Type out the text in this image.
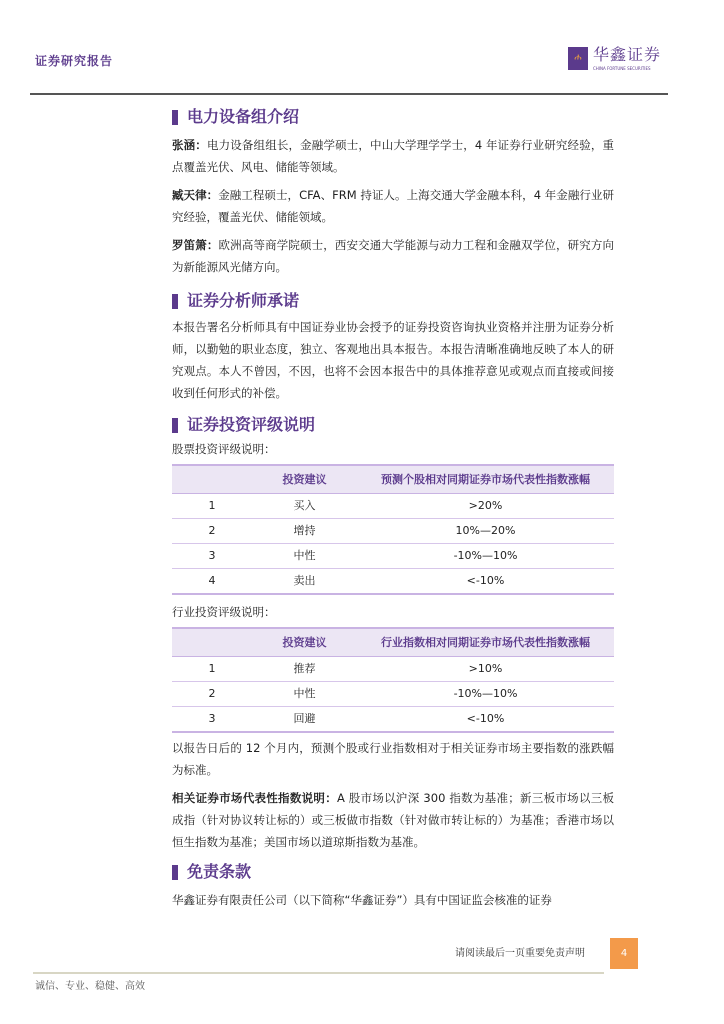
证券研究报告	ሐ 华鑫证券
CHINA FORTUNE SECURITIES
电力设备组介绍

张涵：电力设备组组长，金融学硕士，中山大学理学学士，4 年证券行业研究经验，重点覆盖光伏、风电、储能等领域。

臧天律：金融工程硕士，CFA、FRM 持证人。上海交通大学金融本科，4 年金融行业研究经验，覆盖光伏、储能领域。

罗笛箫：欧洲高等商学院硕士，西安交通大学能源与动力工程和金融双学位，研究方向为新能源风光储方向。

证券分析师承诺

本报告署名分析师具有中国证券业协会授予的证券投资咨询执业资格并注册为证券分析师，以勤勉的职业态度，独立、客观地出具本报告。本报告清晰准确地反映了本人的研究观点。本人不曾因，不因，也将不会因本报告中的具体推荐意见或观点而直接或间接收到任何形式的补偿。

证券投资评级说明
股票投资评级说明：
	投资建议	预测个股相对同期证券市场代表性指数涨幅
1	买入	>20%
2	增持	10%—20%
3	中性	-10%—10%
4	卖出	<-10%
行业投资评级说明：
	投资建议	行业指数相对同期证券市场代表性指数涨幅
1	推荐	>10%
2	中性	-10%—10%
3	回避	<-10%

以报告日后的 12 个月内，预测个股或行业指数相对于相关证券市场主要指数的涨跌幅为标准。

相关证券市场代表性指数说明：A 股市场以沪深 300 指数为基准；新三板市场以三板成指（针对协议转让标的）或三板做市指数（针对做市转让标的）为基准；香港市场以恒生指数为基准；美国市场以道琼斯指数为基准。

免责条款

华鑫证券有限责任公司（以下简称“华鑫证券”）具有中国证监会核准的证券

请阅读最后一页重要免责声明	4
诚信、专业、稳健、高效
